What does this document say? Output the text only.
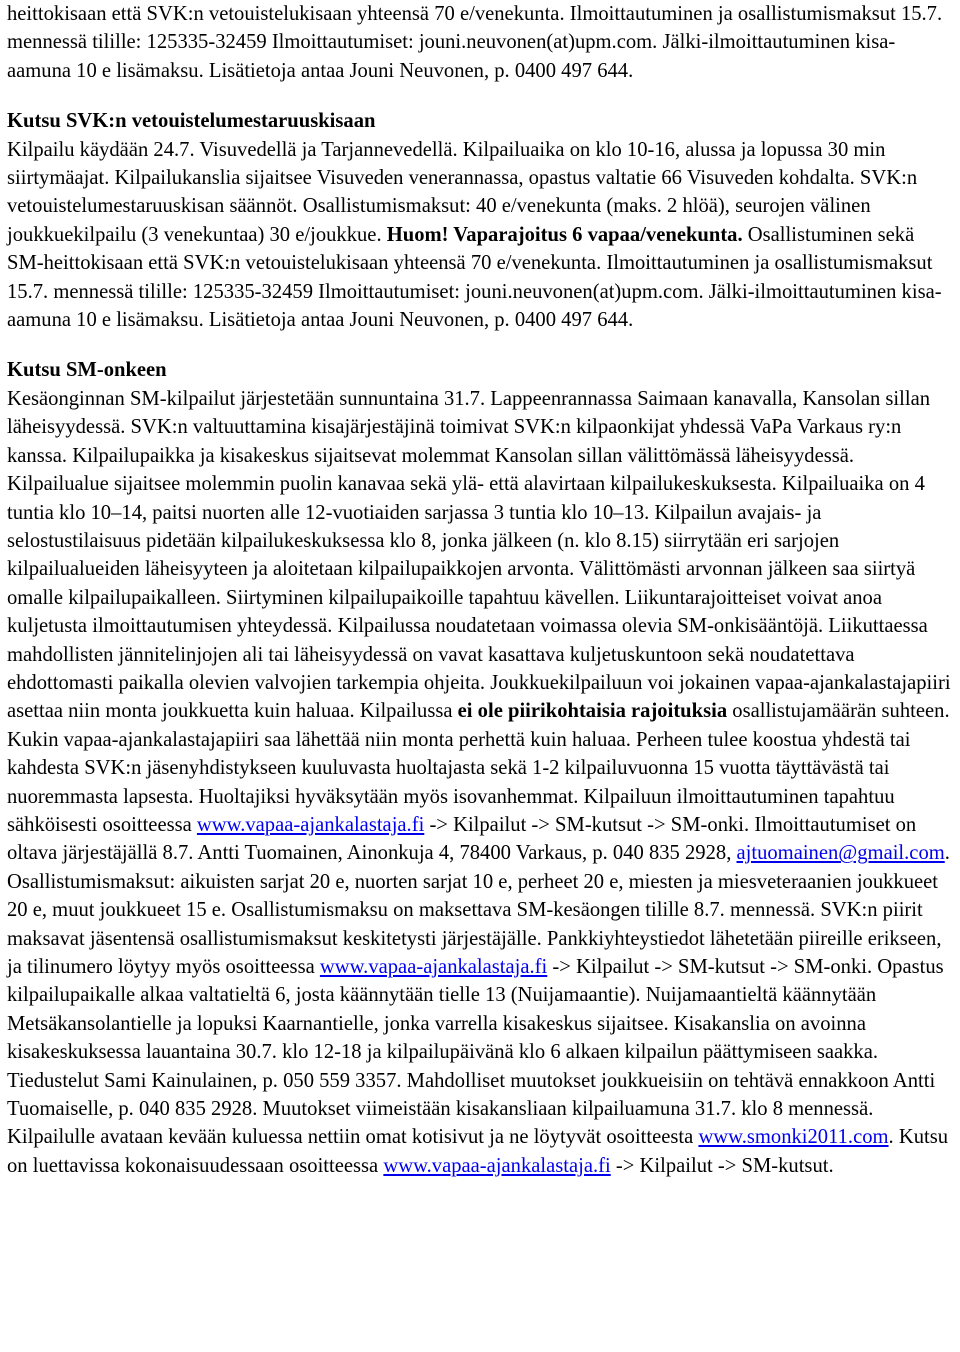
heittokisaan että SVK:n vetouistelukisaan yhteensä 70 e/venekunta. Ilmoittautuminen ja osallistumismaksut 15.7. mennessä tilille: 125335-32459 Ilmoittautumiset: jouni.neuvonen(at)upm.com. Jälki-ilmoittautuminen kisa-aamuna 10 e lisämaksu. Lisätietoja antaa Jouni Neuvonen, p. 0400 497 644.

Kutsu SVK:n vetouistelumestaruuskisaan

Kilpailu käydään 24.7. Visuvedellä ja Tarjannevedellä. Kilpailuaika on klo 10-16, alussa ja lopussa 30 min siirtymäajat. Kilpailukanslia sijaitsee Visuveden venerannassa, opastus valtatie 66 Visuveden kohdalta. SVK:n vetouistelumestaruuskisan säännöt. Osallistumismaksut: 40 e/venekunta (maks. 2 hlöä), seurojen välinen joukkuekilpailu (3 venekuntaa) 30 e/joukkue. Huom! Vaparajoitus 6 vapaa/venekunta. Osallistuminen sekä SM-heittokisaan että SVK:n vetouistelukisaan yhteensä 70 e/venekunta. Ilmoittautuminen ja osallistumismaksut 15.7. mennessä tilille: 125335-32459 Ilmoittautumiset: jouni.neuvonen(at)upm.com. Jälki-ilmoittautuminen kisa-aamuna 10 e lisämaksu. Lisätietoja antaa Jouni Neuvonen, p. 0400 497 644.

Kutsu SM-onkeen

Kesäonginnan SM-kilpailut järjestetään sunnuntaina 31.7. Lappeenrannassa Saimaan kanavalla, Kansolan sillan läheisyydessä. SVK:n valtuuttamina kisajärjestäjinä toimivat SVK:n kilpaonkijat yhdessä VaPa Varkaus ry:n kanssa. Kilpailupaikka ja kisakeskus sijaitsevat molemmat Kansolan sillan välittömässä läheisyydessä. Kilpailualue sijaitsee molemmin puolin kanavaa sekä ylä- että alavirtaan kilpailukeskuksesta. Kilpailuaika on 4 tuntia klo 10–14, paitsi nuorten alle 12-vuotiaiden sarjassa 3 tuntia klo 10–13. Kilpailun avajais- ja selostustilaisuus pidetään kilpailukeskuksessa klo 8, jonka jälkeen (n. klo 8.15) siirrytään eri sarjojen kilpailualueiden läheisyyteen ja aloitetaan kilpailupaikkojen arvonta. Välittömästi arvonnan jälkeen saa siirtyä omalle kilpailupaikalleen. Siirtyminen kilpailupaikoille tapahtuu kävellen. Liikuntarajoitteiset voivat anoa kuljetusta ilmoittautumisen yhteydessä. Kilpailussa noudatetaan voimassa olevia SM-onkisääntöjä. Liikuttaessa mahdollisten jännitelinjojen ali tai läheisyydessä on vavat kasattava kuljetuskuntoon sekä noudatettava ehdottomasti paikalla olevien valvojien tarkempia ohjeita. Joukkuekilpailuun voi jokainen vapaa-ajankalastajapiiri asettaa niin monta joukkuetta kuin haluaa. Kilpailussa ei ole piirikohtaisia rajoituksia osallistujamäärän suhteen. Kukin vapaa-ajankalastajapiiri saa lähettää niin monta perhettä kuin haluaa. Perheen tulee koostua yhdestä tai kahdesta SVK:n jäsenyhdistykseen kuuluvasta huoltajasta sekä 1-2 kilpailuvuonna 15 vuotta täyttävästä tai nuoremmasta lapsesta. Huoltajiksi hyväksytään myös isovanhemmat. Kilpailuun ilmoittautuminen tapahtuu sähköisesti osoitteessa www.vapaa-ajankalastaja.fi -> Kilpailut -> SM-kutsut -> SM-onki. Ilmoittautumiset on oltava järjestäjällä 8.7. Antti Tuomainen, Ainonkuja 4, 78400 Varkaus, p. 040 835 2928, ajtuomainen@gmail.com. Osallistumismaksut: aikuisten sarjat 20 e, nuorten sarjat 10 e, perheet 20 e, miesten ja miesveteraanien joukkueet 20 e, muut joukkueet 15 e. Osallistumismaksu on maksettava SM-kesäongen tilille 8.7. mennessä. SVK:n piirit maksavat jäsentensä osallistumismaksut keskitetysti järjestäjälle. Pankkiyhteystiedot lähetetään piireille erikseen, ja tilinumero löytyy myös osoitteessa www.vapaa-ajankalastaja.fi -> Kilpailut -> SM-kutsut -> SM-onki. Opastus kilpailupaikalle alkaa valtatieltä 6, josta käännytään tielle 13 (Nuijamaantie). Nuijamaantieltä käännytään Metsäkansolantielle ja lopuksi Kaarnantielle, jonka varrella kisakeskus sijaitsee. Kisakanslia on avoinna kisakeskuksessa lauantaina 30.7. klo 12-18 ja kilpailupäivänä klo 6 alkaen kilpailun päättymiseen saakka. Tiedustelut Sami Kainulainen, p. 050 559 3357. Mahdolliset muutokset joukkueisiin on tehtävä ennakkoon Antti Tuomaiselle, p. 040 835 2928. Muutokset viimeistään kisakansliaan kilpailuamuna 31.7. klo 8 mennessä. Kilpailulle avataan kevään kuluessa nettiin omat kotisivut ja ne löytyvät osoitteesta www.smonki2011.com. Kutsu on luettavissa kokonaisuudessaan osoitteessa www.vapaa-ajankalastaja.fi -> Kilpailut -> SM-kutsut.
